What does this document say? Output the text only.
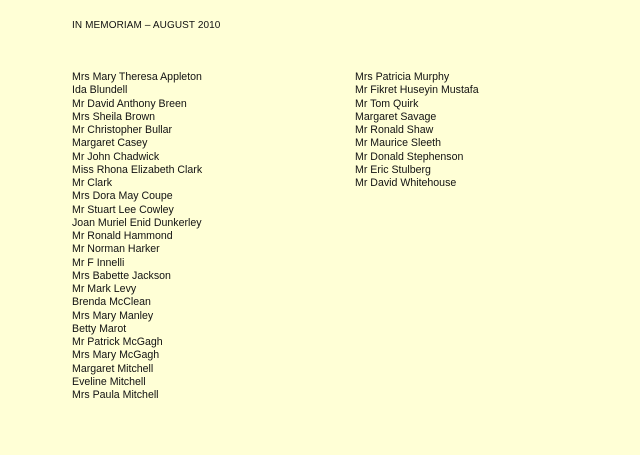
IN MEMORIAM – AUGUST 2010
Mrs Mary Theresa Appleton
Ida Blundell
Mr David Anthony Breen
Mrs Sheila Brown
Mr Christopher Bullar
Margaret Casey
Mr John Chadwick
Miss Rhona Elizabeth Clark
Mr Clark
Mrs Dora May Coupe
Mr Stuart Lee Cowley
Joan Muriel Enid Dunkerley
Mr Ronald Hammond
Mr Norman Harker
Mr F Innelli
Mrs Babette Jackson
Mr Mark Levy
Brenda McClean
Mrs Mary Manley
Betty Marot
Mr Patrick McGagh
Mrs Mary McGagh
Margaret Mitchell
Eveline Mitchell
Mrs Paula Mitchell
Mrs Patricia Murphy
Mr Fikret Huseyin Mustafa
Mr Tom Quirk
Margaret Savage
Mr Ronald Shaw
Mr Maurice Sleeth
Mr Donald Stephenson
Mr Eric Stulberg
Mr David Whitehouse
